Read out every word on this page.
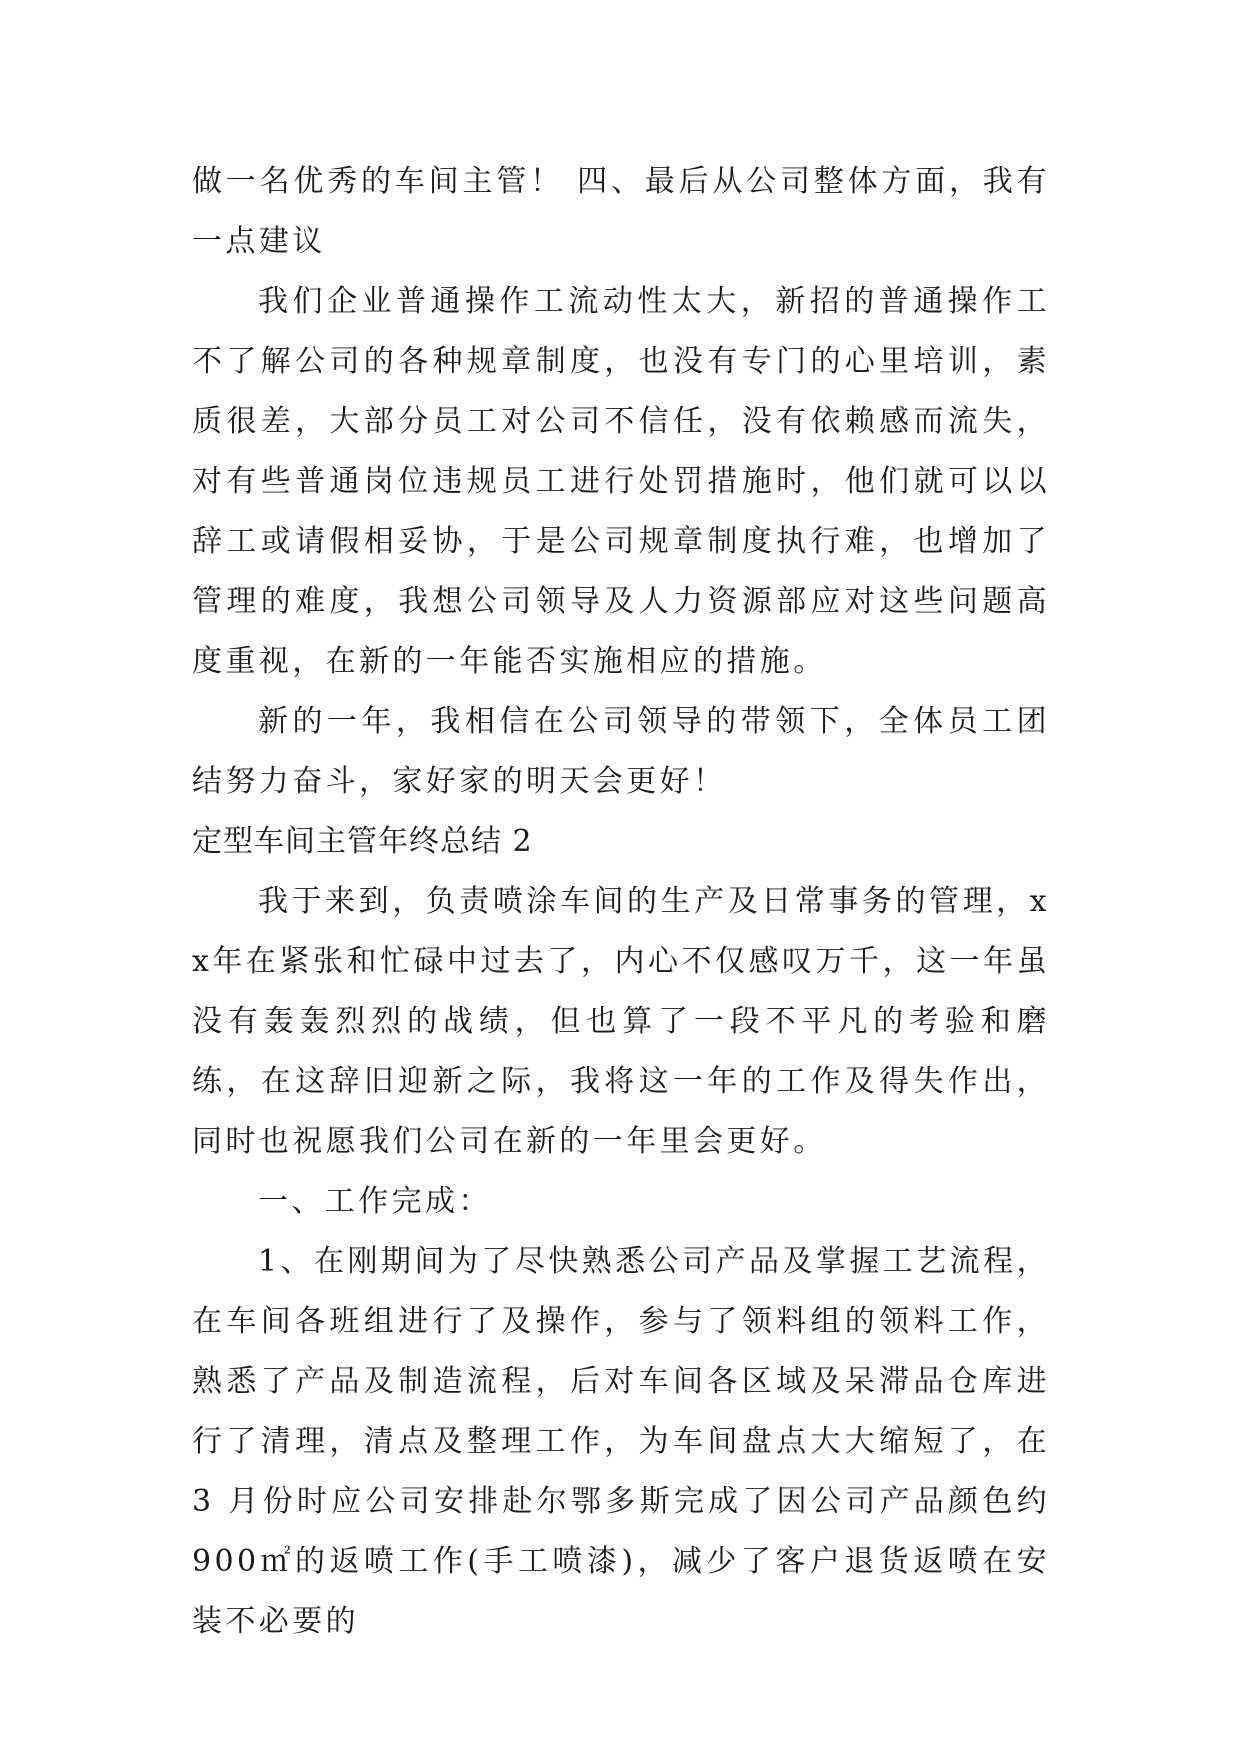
做一名优秀的车间主管！ 四、最后从公司整体方面，我有一点建议

我们企业普通操作工流动性太大，新招的普通操作工不了解公司的各种规章制度，也没有专门的心里培训，素质很差，大部分员工对公司不信任，没有依赖感而流失，对有些普通岗位违规员工进行处罚措施时，他们就可以以辞工或请假相妥协，于是公司规章制度执行难，也增加了管理的难度，我想公司领导及人力资源部应对这些问题高度重视，在新的一年能否实施相应的措施。

新的一年，我相信在公司领导的带领下，全体员工团结努力奋斗，家好家的明天会更好！

定型车间主管年终总结 2

我于来到，负责喷涂车间的生产及日常事务的管理，xx年在紧张和忙碌中过去了，内心不仅感叹万千，这一年虽没有轰轰烈烈的战绩，但也算了一段不平凡的考验和磨练，在这辞旧迎新之际，我将这一年的工作及得失作出，同时也祝愿我们公司在新的一年里会更好。

一、工作完成：

1、在刚期间为了尽快熟悉公司产品及掌握工艺流程，在车间各班组进行了及操作，参与了领料组的领料工作，熟悉了产品及制造流程，后对车间各区域及呆滞品仓库进行了清理，清点及整理工作，为车间盘点大大缩短了，在 3 月份时应公司安排赴尔鄂多斯完成了因公司产品颜色约 900㎡的返喷工作(手工喷漆)，减少了客户退货返喷在安装不必要的
